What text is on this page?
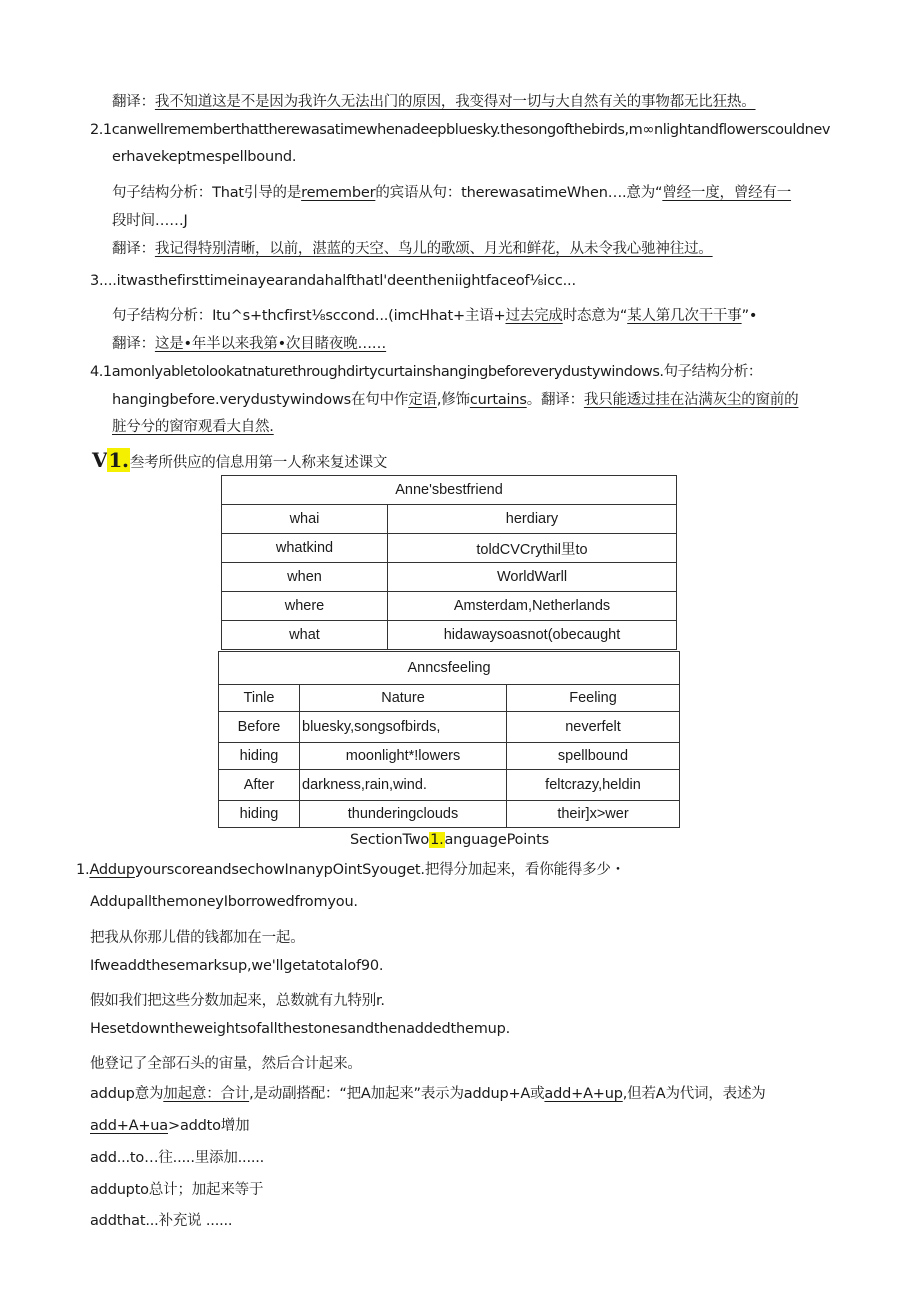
翻译：我不知道这是不是因为我许久无法出门的原因，我变得对一切与大自然有关的事物都无比狂热。
2.1canwellrememberthattherewasatimewhenadeepbluesky.thesongofthebirds,m∞nlightandflowerscouldnev
erhavekeptmespellbound.
句子结构分析：That引导的是remember的宾语从句：therewasatimeWhen….意为“曾经一度，曾经有一
段时间……J
翻译：我记得特别清晰，以前，湛蓝的天空、鸟儿的歌颂、月光和鲜花，从未令我心驰神往过。
3....itwasthefirsttimeinayearandahalfthatl'deentheniightfaceof⅛icc...
句子结构分析：Itu^s+thcfirst⅛sccond...(imcHhat+主语+过去完成时态意为“某人第几次干干事”•
翻译：这是•年半以来我第•次目睹夜晚……
4.1amonlyabletolookatnaturethroughdirtycurtainshangingbeforeverydustywindows.句子结构分析：
hangingbefore.verydustywindows在句中作定语,修饰curtains。翻译：我只能透过挂在沾满灰尘的窗前的
脏兮兮的窗帘观看大自然.
V1.叁考所供应的信息用第一人称来复述课文
Anne'sbestfriend	
whai	herdiary
whatkind	toldCVCrythil里to
when	WorldWarll
where	Amsterdam,Netherlands
what	hidawaysoasnot(obecaught
Anncsfeeling		
Tinle	Nature	Feeling
Before	bluesky,songsofbirds,	neverfelt
hiding	moonlight*!lowers	spellbound
After	darkness,rain,wind.	feltcrazy,heldin
hiding	thunderingclouds	their]x>wer
SectionTwo1.anguagePoints
1.AddupyourscoreandsechowInanypOintSyouget.把得分加起来，看你能得多少・
AddupallthemoneyIborrowedfromyou.
把我从你那儿借的钱都加在一起。
Ifweaddthesemarksup,we'llgetatotalof90.
假如我们把这些分数加起来，总数就有九特别r.
Hesetdowntheweightsofallthestonesandthenaddedthemup.
他登记了全部石头的宙量，然后合计起来。
addup意为加起意：合计,是动副搭配：“把A加起来”表示为addup+A或add+A+up,但若A为代词，表述为
add+A+ua>addto增加
add...to…往.....里添加......
addupto总计；加起来等于
addthat...补充说 ......
